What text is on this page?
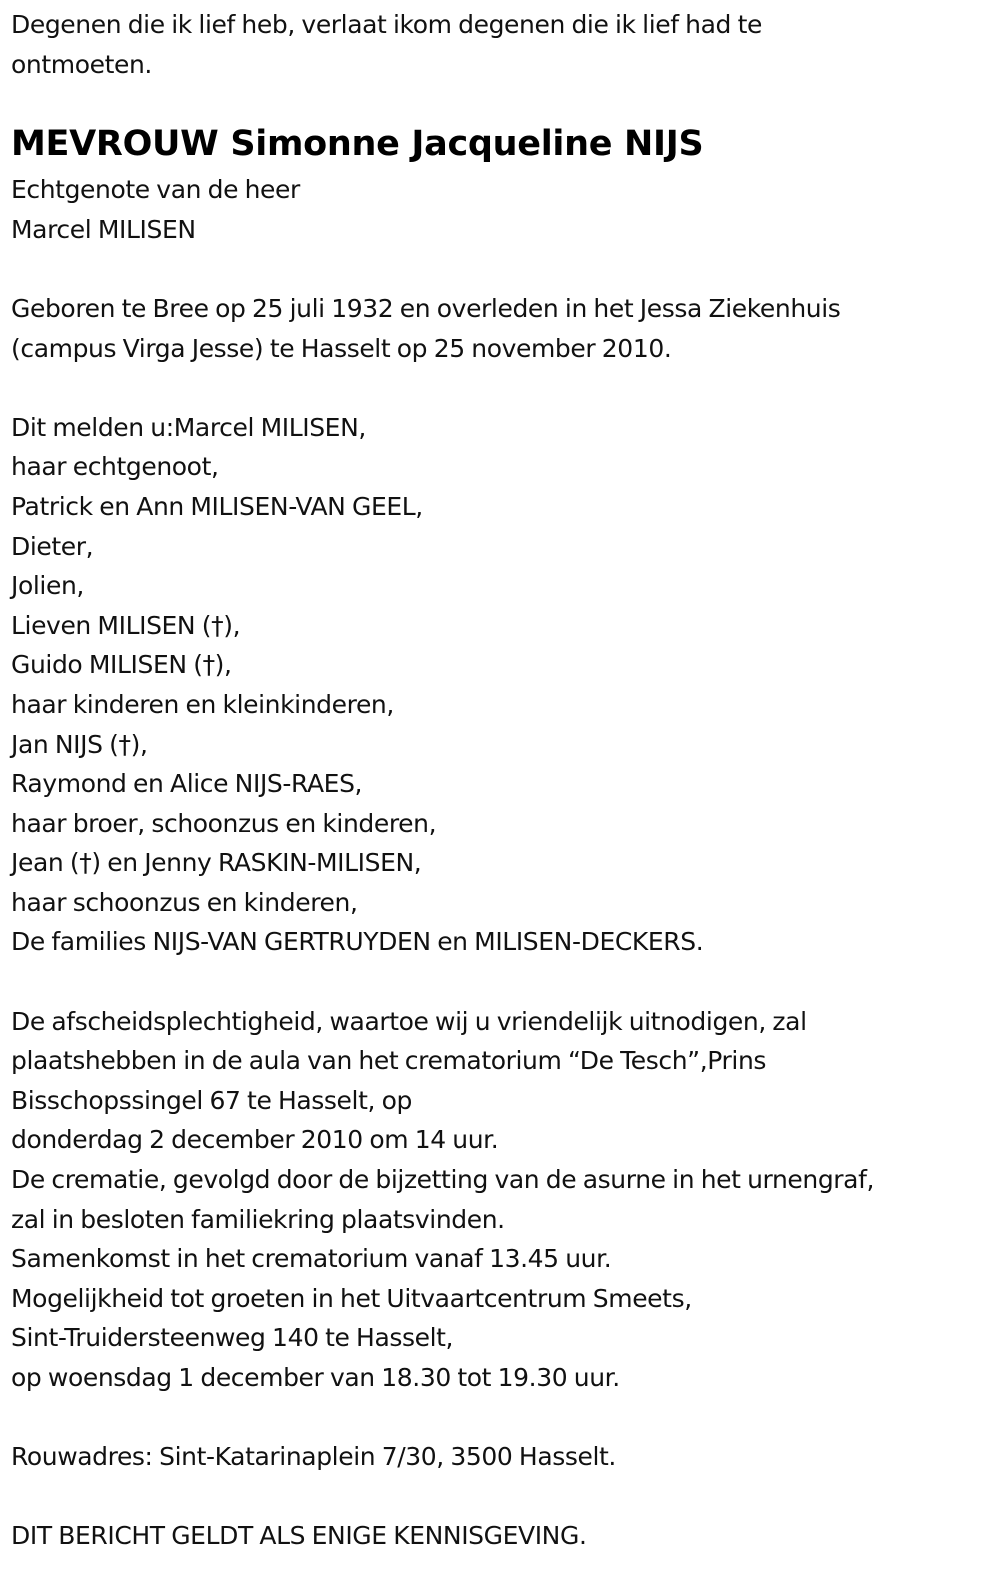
Degenen die ik lief heb, verlaat ikom degenen die ik lief had te
ontmoeten.
MEVROUW Simonne Jacqueline NIJS
Echtgenote van de heer
Marcel MILISEN
Geboren te Bree op 25 juli 1932 en overleden in het Jessa Ziekenhuis
(campus Virga Jesse) te Hasselt op 25 november 2010.
Dit melden u:Marcel MILISEN,
haar echtgenoot,
Patrick en Ann MILISEN-VAN GEEL,
Dieter,
Jolien,
Lieven MILISEN (†),
Guido MILISEN (†),
haar kinderen en kleinkinderen,
Jan NIJS (†),
Raymond en Alice NIJS-RAES,
haar broer, schoonzus en kinderen,
Jean (†) en Jenny RASKIN-MILISEN,
haar schoonzus en kinderen,
De families NIJS-VAN GERTRUYDEN en MILISEN-DECKERS.
De afscheidsplechtigheid, waartoe wij u vriendelijk uitnodigen, zal
plaatshebben in de aula van het crematorium “De Tesch”,Prins
Bisschopssingel 67 te Hasselt, op
donderdag 2 december 2010 om 14 uur.
De crematie, gevolgd door de bijzetting van de asurne in het urnengraf,
zal in besloten familiekring plaatsvinden.
Samenkomst in het crematorium vanaf 13.45 uur.
Mogelijkheid tot groeten in het Uitvaartcentrum Smeets,
Sint-Truidersteenweg 140 te Hasselt,
op woensdag 1 december van 18.30 tot 19.30 uur.
Rouwadres: Sint-Katarinaplein 7/30, 3500 Hasselt.
DIT BERICHT GELDT ALS ENIGE KENNISGEVING.
